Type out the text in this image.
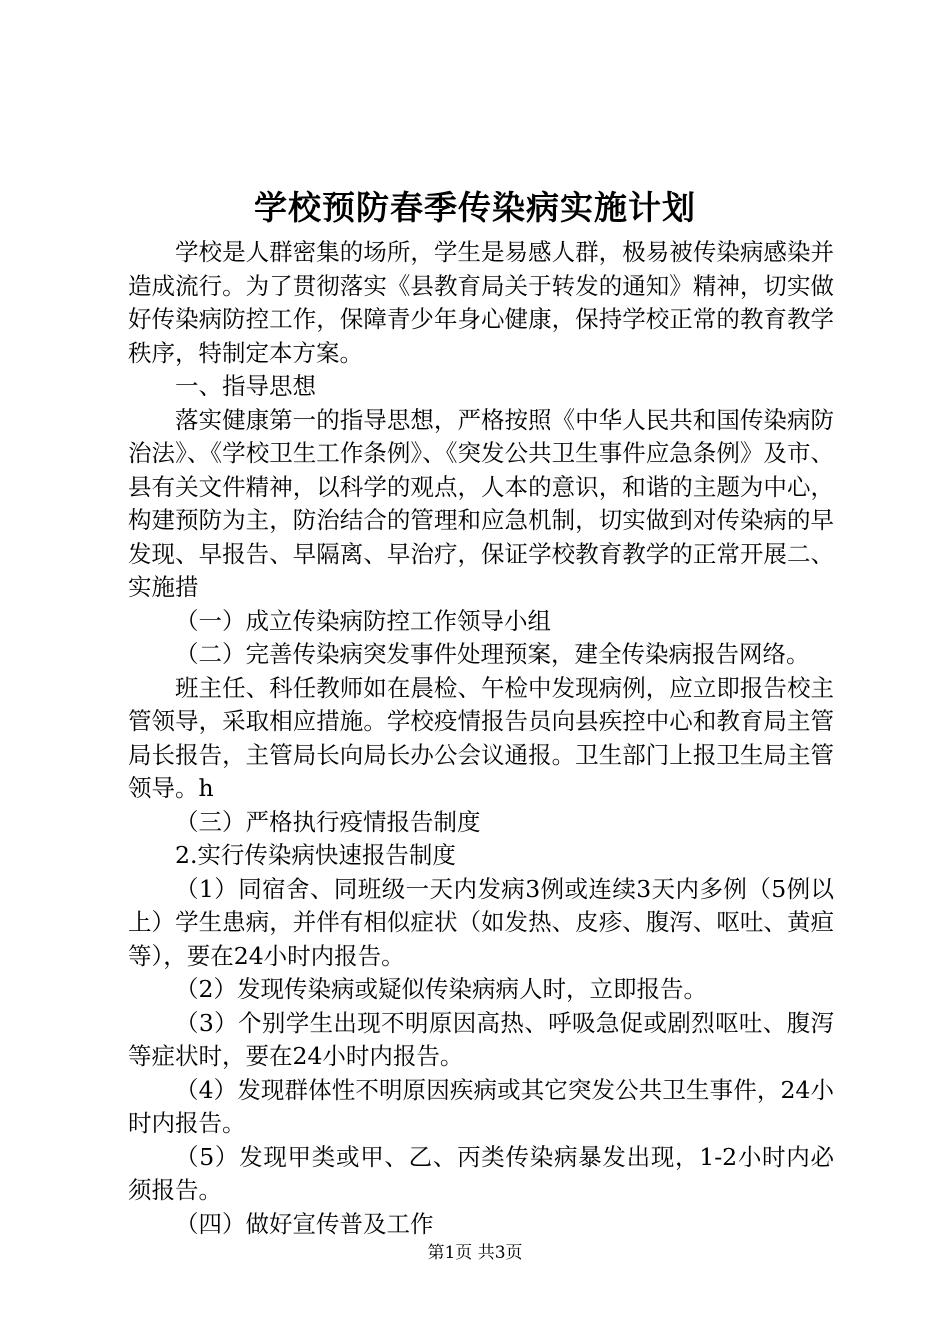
学校预防春季传染病实施计划

学校是人群密集的场所，学生是易感人群，极易被传染病感染并造成流行。为了贯彻落实《县教育局关于转发的通知》精神，切实做好传染病防控工作，保障青少年身心健康，保持学校正常的教育教学秩序，特制定本方案。

一、指导思想

落实健康第一的指导思想，严格按照《中华人民共和国传染病防治法》、《学校卫生工作条例》、《突发公共卫生事件应急条例》及市、县有关文件精神，以科学的观点，人本的意识，和谐的主题为中心，构建预防为主，防治结合的管理和应急机制，切实做到对传染病的早发现、早报告、早隔离、早治疗，保证学校教育教学的正常开展二、实施措

（一）成立传染病防控工作领导小组

（二）完善传染病突发事件处理预案，建全传染病报告网络。

班主任、科任教师如在晨检、午检中发现病例，应立即报告校主管领导，采取相应措施。学校疫情报告员向县疾控中心和教育局主管局长报告，主管局长向局长办公会议通报。卫生部门上报卫生局主管领导。h

（三）严格执行疫情报告制度

2.实行传染病快速报告制度

（1）同宿舍、同班级一天内发病3例或连续3天内多例（5例以上）学生患病，并伴有相似症状（如发热、皮疹、腹泻、呕吐、黄疸等），要在24小时内报告。

（2）发现传染病或疑似传染病病人时，立即报告。

（3）个别学生出现不明原因高热、呼吸急促或剧烈呕吐、腹泻等症状时，要在24小时内报告。

（4）发现群体性不明原因疾病或其它突发公共卫生事件，24小时内报告。

（5）发现甲类或甲、乙、丙类传染病暴发出现，1-2小时内必须报告。

（四）做好宣传普及工作

第1页 共3页
